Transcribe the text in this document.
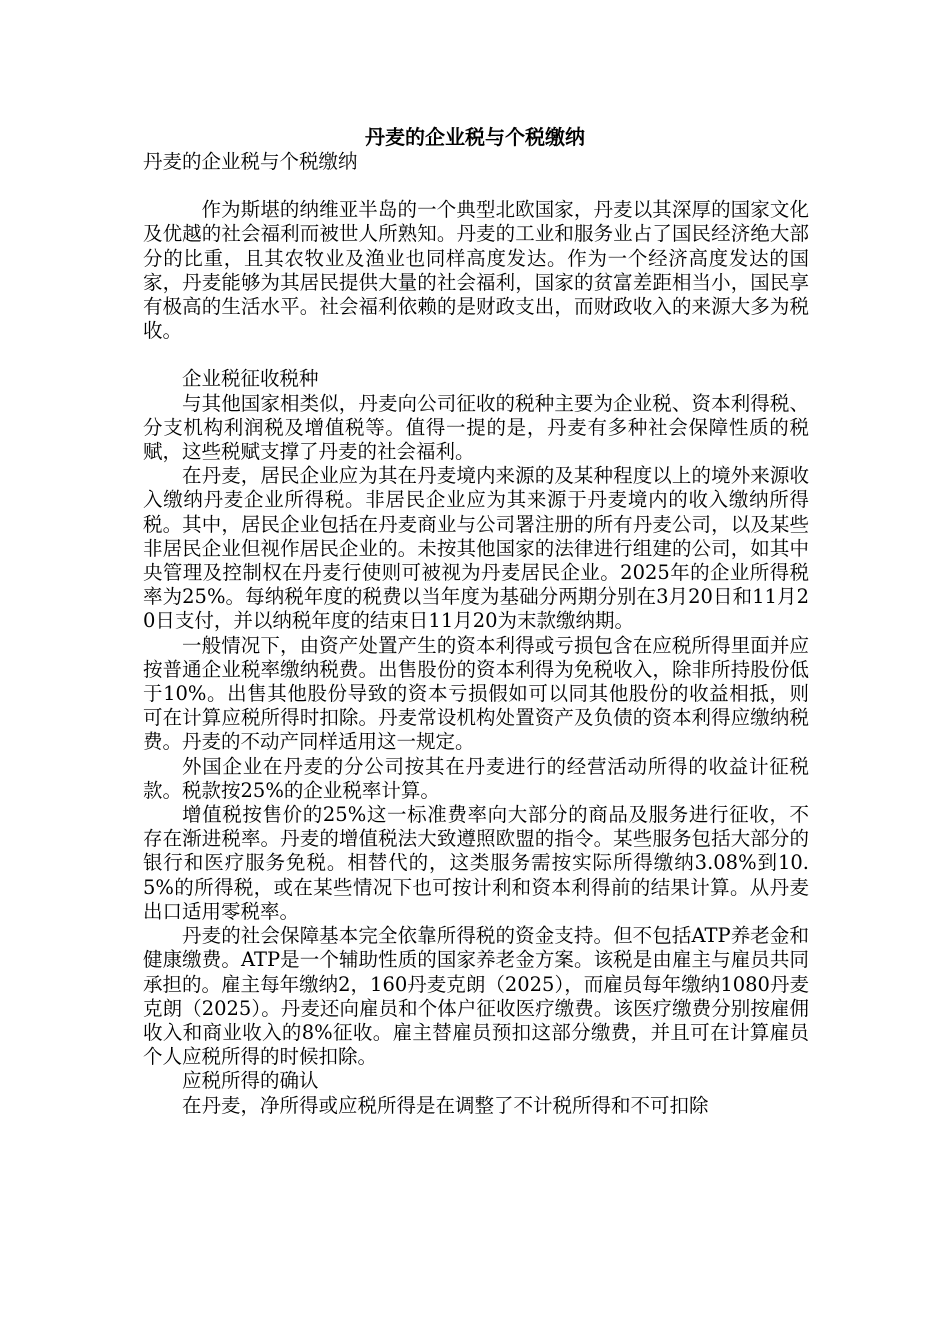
丹麦的企业税与个税缴纳

丹麦的企业税与个税缴纳

作为斯堪的纳维亚半岛的一个典型北欧国家，丹麦以其深厚的国家文化及优越的社会福利而被世人所熟知。丹麦的工业和服务业占了国民经济绝大部分的比重，且其农牧业及渔业也同样高度发达。作为一个经济高度发达的国家，丹麦能够为其居民提供大量的社会福利，国家的贫富差距相当小，国民享有极高的生活水平。社会福利依赖的是财政支出，而财政收入的来源大多为税收。

企业税征收税种

与其他国家相类似，丹麦向公司征收的税种主要为企业税、资本利得税、分支机构利润税及增值税等。值得一提的是，丹麦有多种社会保障性质的税赋，这些税赋支撑了丹麦的社会福利。

在丹麦，居民企业应为其在丹麦境内来源的及某种程度以上的境外来源收入缴纳丹麦企业所得税。非居民企业应为其来源于丹麦境内的收入缴纳所得税。其中，居民企业包括在丹麦商业与公司署注册的所有丹麦公司，以及某些非居民企业但视作居民企业的。未按其他国家的法律进行组建的公司，如其中央管理及控制权在丹麦行使则可被视为丹麦居民企业。2025年的企业所得税率为25%。每纳税年度的税费以当年度为基础分两期分别在3月20日和11月20日支付，并以纳税年度的结束日11月20为末款缴纳期。

一般情况下，由资产处置产生的资本利得或亏损包含在应税所得里面并应按普通企业税率缴纳税费。出售股份的资本利得为免税收入，除非所持股份低于10%。出售其他股份导致的资本亏损假如可以同其他股份的收益相抵，则可在计算应税所得时扣除。丹麦常设机构处置资产及负债的资本利得应缴纳税费。丹麦的不动产同样适用这一规定。

外国企业在丹麦的分公司按其在丹麦进行的经营活动所得的收益计征税款。税款按25%的企业税率计算。

增值税按售价的25%这一标准费率向大部分的商品及服务进行征收，不存在渐进税率。丹麦的增值税法大致遵照欧盟的指令。某些服务包括大部分的银行和医疗服务免税。相替代的，这类服务需按实际所得缴纳3.08%到10.5%的所得税，或在某些情况下也可按计利和资本利得前的结果计算。从丹麦出口适用零税率。

丹麦的社会保障基本完全依靠所得税的资金支持。但不包括ATP养老金和健康缴费。ATP是一个辅助性质的国家养老金方案。该税是由雇主与雇员共同承担的。雇主每年缴纳2，160丹麦克朗（2025），而雇员每年缴纳1080丹麦克朗（2025）。丹麦还向雇员和个体户征收医疗缴费。该医疗缴费分别按雇佣收入和商业收入的8%征收。雇主替雇员预扣这部分缴费，并且可在计算雇员个人应税所得的时候扣除。

应税所得的确认

在丹麦，净所得或应税所得是在调整了不计税所得和不可扣除
